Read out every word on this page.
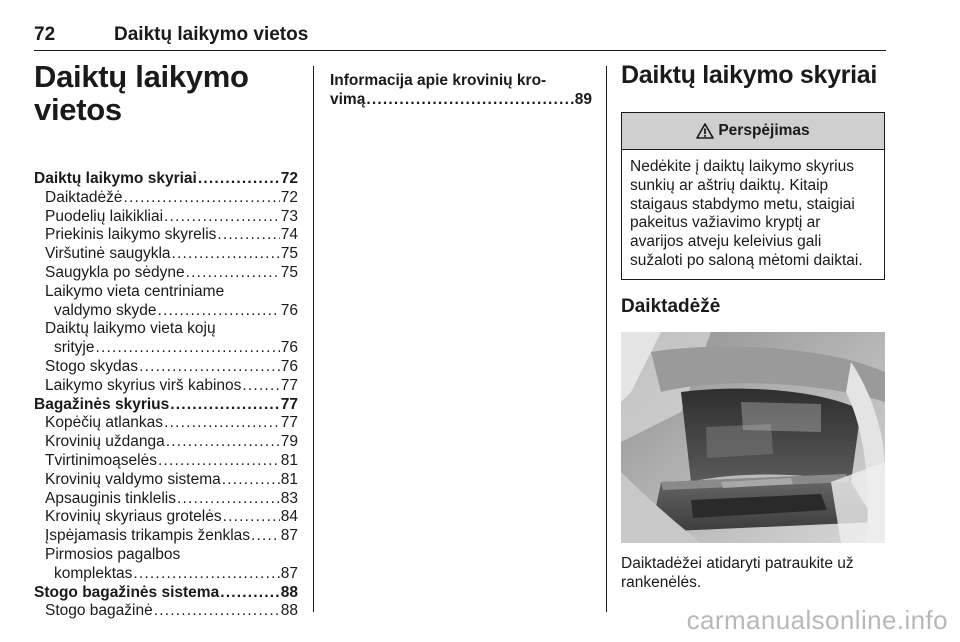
72	Daiktų laikymo vietos
Daiktų laikymo
vietos
Daiktų laikymo skyriai .....	72
Daiktadėžė .....	72
Puodelių laikikliai .....	73
Priekinis laikymo skyrelis .....	74
Viršutinė saugykla .....	75
Saugykla po sėdyne .....	75
Laikymo vieta centriniame
valdymo skyde .....	76
Daiktų laikymo vieta kojų
srityje .....	76
Stogo skydas .....	76
Laikymo skyrius virš kabinos .....	77
Bagažinės skyrius .....	77
Kopėčių atlankas .....	77
Krovinių uždanga .....	79
Tvirtinimoąselės .....	81
Krovinių valdymo sistema .....	81
Apsauginis tinklelis .....	83
Krovinių skyriaus grotelės .....	84
Įspėjamasis trikampis ženklas ..... 87
Pirmosios pagalbos
komplektas .....	87
Stogo bagažinės sistema .....	88
Stogo bagažinė .....	88
Informacija apie krovinių kro-
vimą .....	89
Daiktų laikymo skyriai
Perspėjimas
Nedėkite į daiktų laikymo skyrius sunkių ar aštrių daiktų. Kitaip staigaus stabdymo metu, staigiai pakeitus važiavimo kryptį ar avarijos atveju keleivius gali sužaloti po saloną mėtomi daiktai.
Daiktadėžė
Daiktadėžei atidaryti patraukite už rankenėlės.
carmanualsonline.info
